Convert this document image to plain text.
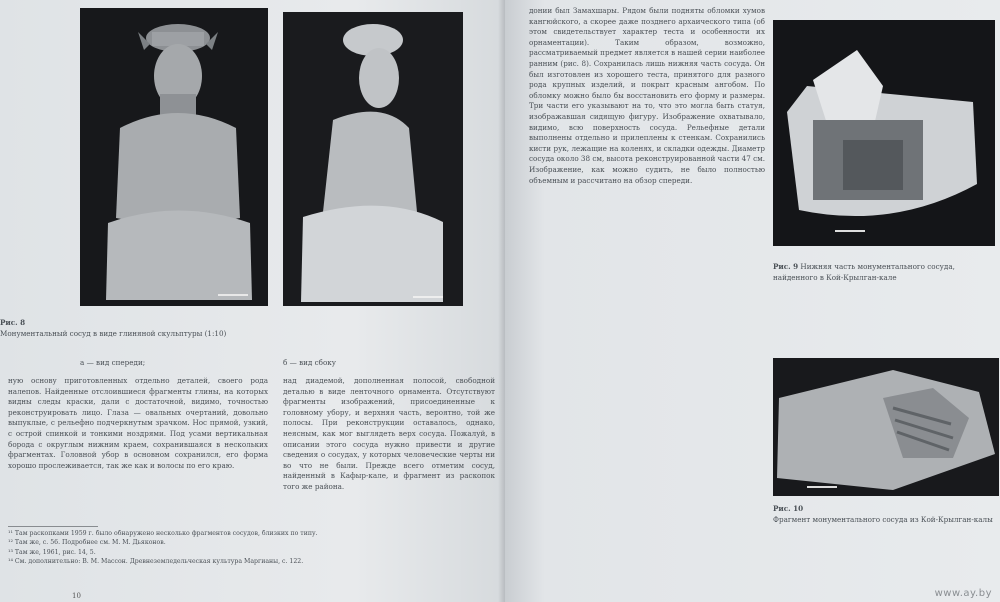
Рис. 8
Монументальный сосуд в виде глиняной скульптуры (1:10)
а — вид спереди;	б — вид сбоку

ную основу приготовленных отдельно деталей, своего рода налепов. Найденные отслоившиеся фрагменты глины, на которых видны следы краски, дали с достаточной, видимо, точностью реконструировать лицо. Глаза — овальных очертаний, довольно выпуклые, с рельефно подчеркнутым зрачком. Нос прямой, узкий, с острой спинкой и тонкими ноздрями. Под усами вертикальная борода с округлым нижним краем, сохранившаяся в нескольких фрагментах. Головной убор в основном сохранился, его форма хорошо прослеживается, так же как и волосы по его краю.

над диадемой, дополненная полосой, свободной деталью в виде ленточного орнамента. Отсутствуют фрагменты изображений, присоединенные к головному убору, и верхняя часть, вероятно, той же полосы. При реконструкции оставалось, однако, неясным, как мог выглядеть верх сосуда. Пожалуй, в описании этого сосуда нужно привести и другие сведения о сосудах, у которых человеческие черты ни во что не были. Прежде всего отметим сосуд, найденный в Кафыр-кале, и фрагмент из раскопок того же района.

¹¹ Там раскопками 1959 г. было обнаружено несколько фрагментов сосудов, близких по типу.

¹² Там же, с. 56. Подробнее см. М. М. Дьяконов.

¹³ Там же, 1961, рис. 14, 5.

¹⁴ См. дополнительно: В. М. Массон. Древнеземледельческая культура Маргианы, с. 122.

10

донии был Замахшары. Рядом были подняты обломки хумов кангюйского, а скорее даже позднего архаического типа (об этом свидетельствует характер теста и особенности их орнаментации). Таким образом, возможно, рассматриваемый предмет является в нашей серии наиболее ранним (рис. 8). Сохранилась лишь нижняя часть сосуда. Он был изготовлен из хорошего теста, принятого для разного рода крупных изделий, и покрыт красным ангобом. По обломку можно было бы восстановить его форму и размеры. Три части его указывают на то, что это могла быть статуя, изображавшая сидящую фигуру. Изображение охватывало, видимо, всю поверхность сосуда. Рельефные детали выполнены отдельно и прилеплены к стенкам. Сохранились кисти рук, лежащие на коленях, и складки одежды. Диаметр сосуда около 38 см, высота реконструированной части 47 см. Изображение, как можно судить, не было полностью объемным и рассчитано на обзор спереди.

Рис. 9 Нижняя часть монументального сосуда, найденного в Кой-Крылган-кале
Рис. 10
Фрагмент монументального сосуда из Кой-Крылган-калы
www.ay.by
